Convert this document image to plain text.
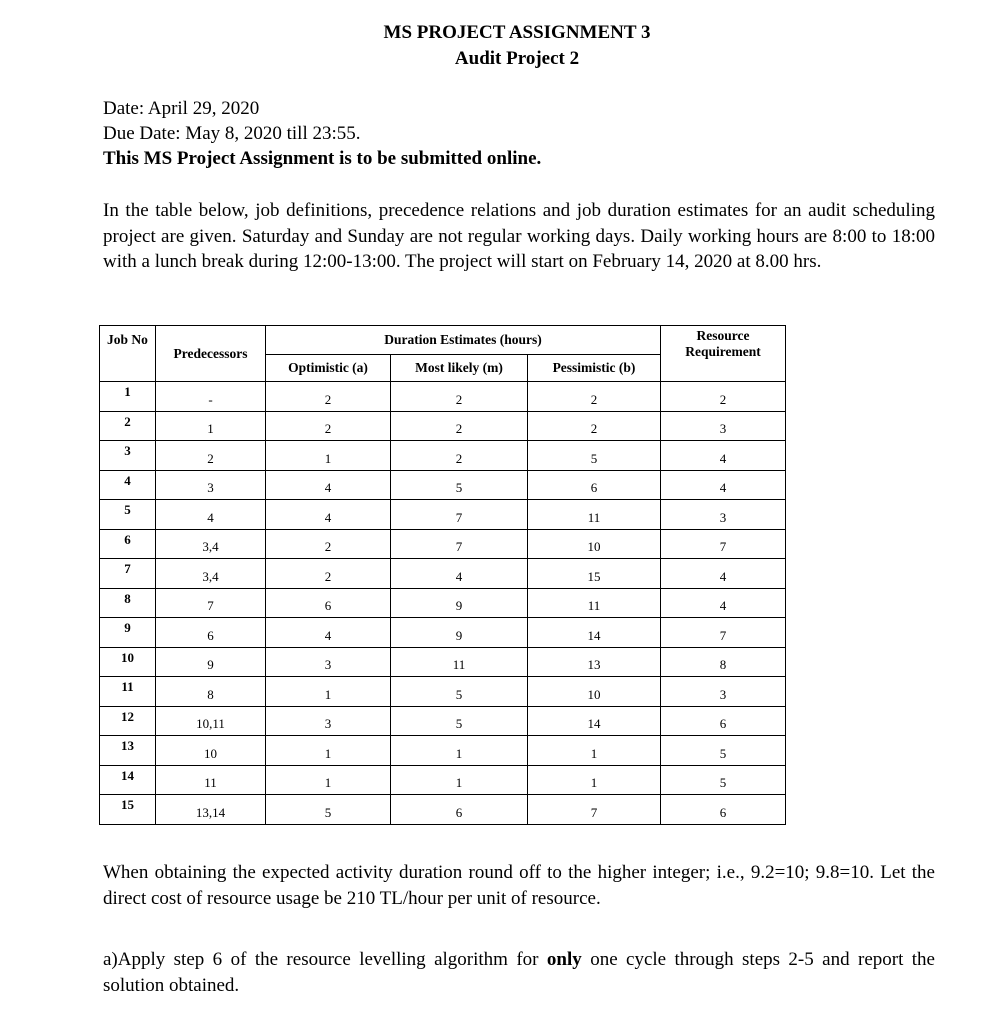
MS PROJECT ASSIGNMENT 3
Audit Project 2
Date: April 29, 2020
Due Date: May 8, 2020 till 23:55.
This MS Project Assignment is to be submitted online.
In the table below, job definitions, precedence relations and job duration estimates for an audit scheduling project are given. Saturday and Sunday are not regular working days. Daily working hours are 8:00 to 18:00 with a lunch break during 12:00-13:00. The project will start on February 14, 2020 at 8.00 hrs.
Job No	Predecessors	Duration Estimates (hours)			Resource Requirement
		Optimistic (a)	Most likely (m)	Pessimistic (b)	
1	-	2	2	2	2
2	1	2	2	2	3
3	2	1	2	5	4
4	3	4	5	6	4
5	4	4	7	11	3
6	3,4	2	7	10	7
7	3,4	2	4	15	4
8	7	6	9	11	4
9	6	4	9	14	7
10	9	3	11	13	8
11	8	1	5	10	3
12	10,11	3	5	14	6
13	10	1	1	1	5
14	11	1	1	1	5
15	13,14	5	6	7	6
When obtaining the expected activity duration round off to the higher integer; i.e., 9.2=10; 9.8=10. Let the direct cost of resource usage be 210 TL/hour per unit of resource.
a)Apply step 6 of the resource levelling algorithm for only one cycle through steps 2-5 and report the solution obtained.
